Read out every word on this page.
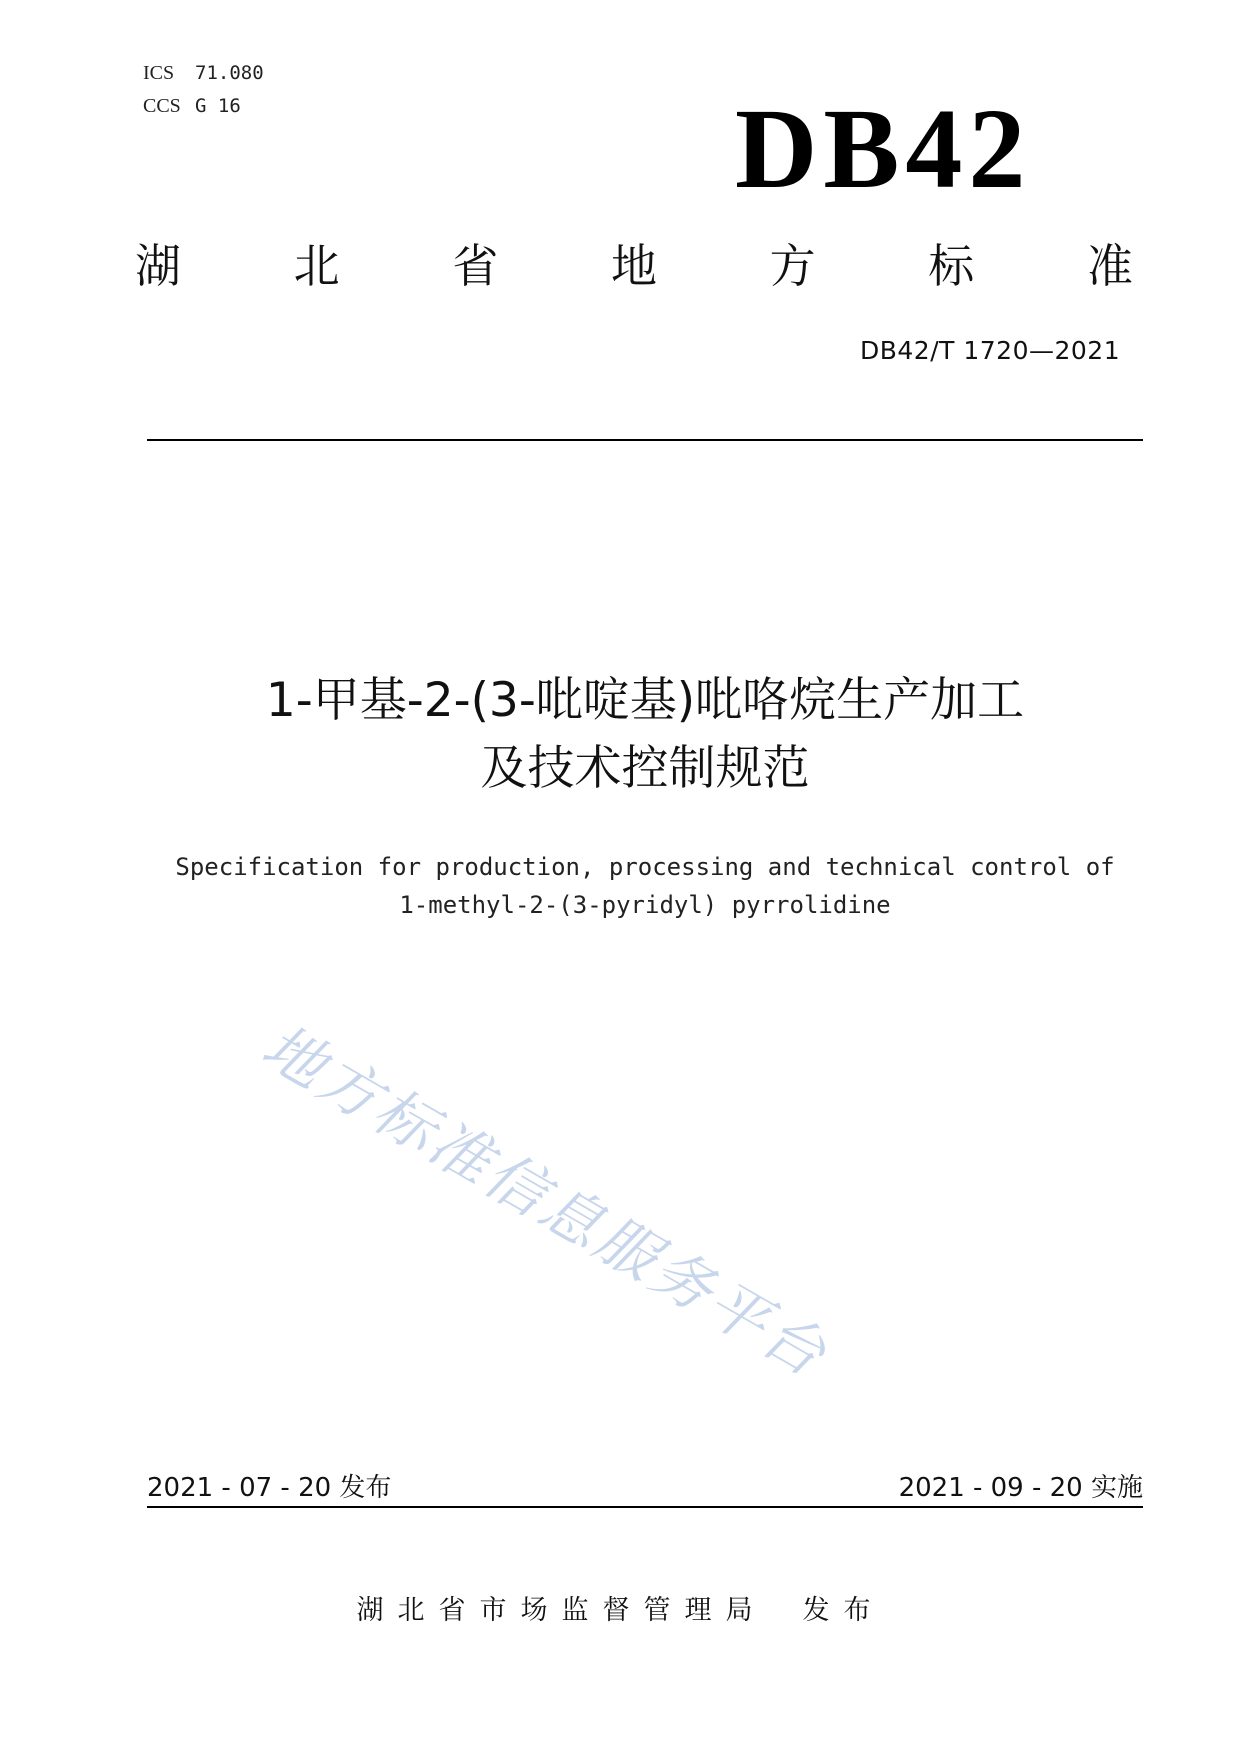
ICS 71.080
CCS G 16	DB42
湖 北 省 地 方 标 准
DB42/T 1720—2021
1-甲基-2-(3-吡啶基)吡咯烷生产加工
及技术控制规范
Specification for production, processing and technical control of
1-methyl-2-(3-pyridyl) pyrrolidine
地方标准信息服务平台
2021 - 07 - 20 发布	2021 - 09 - 20 实施
湖北省市场监督管理局 发布
